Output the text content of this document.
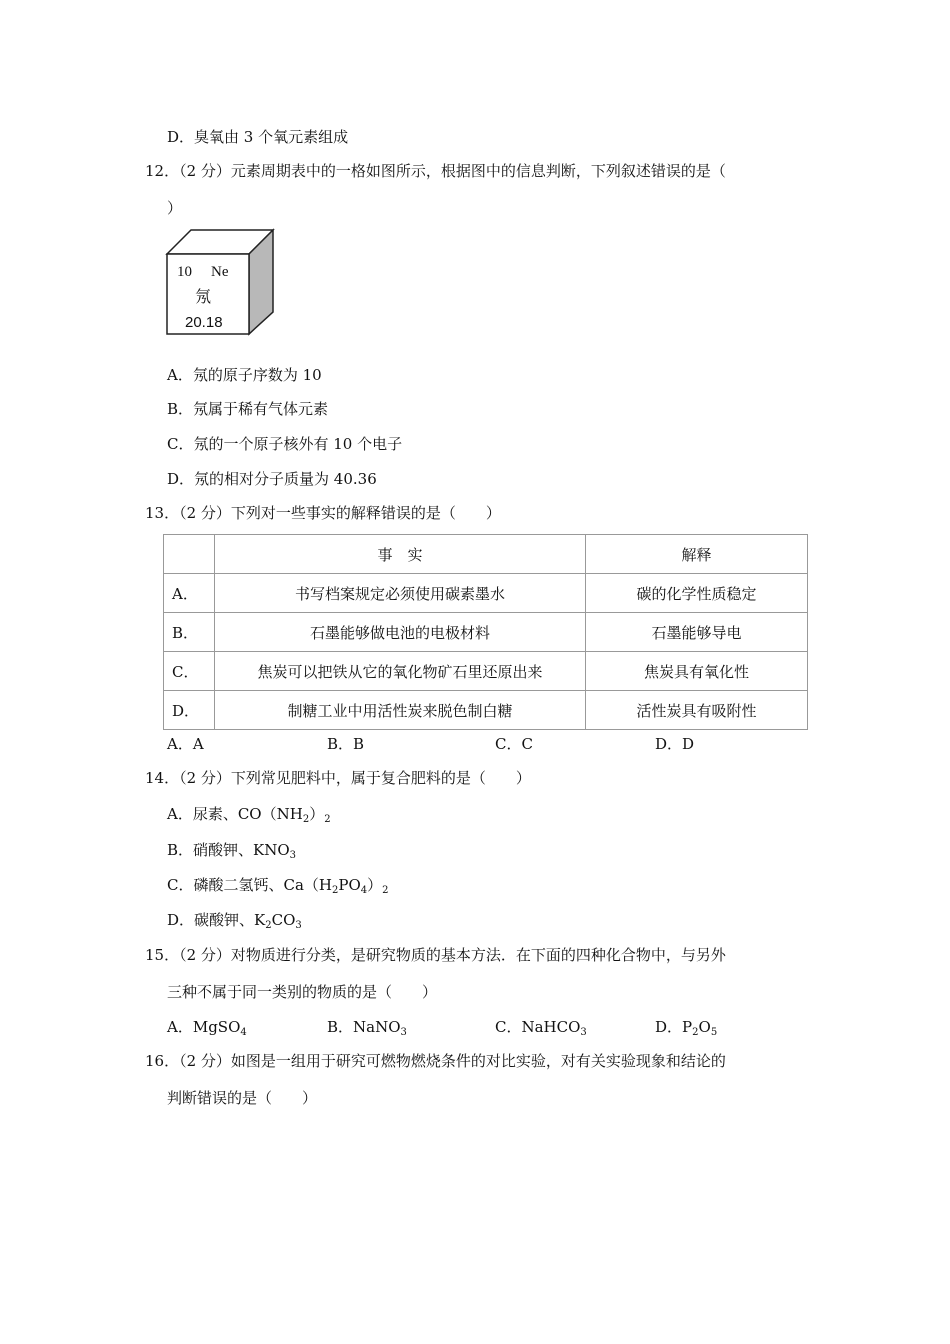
D．臭氧由 3 个氧元素组成
12．（2 分）元素周期表中的一格如图所示，根据图中的信息判断，下列叙述错误的是（
）
10 Ne
氖
20.18
A．氖的原子序数为 10
B．氖属于稀有气体元素
C．氖的一个原子核外有 10 个电子
D．氖的相对分子质量为 40.36
13．（2 分）下列对一些事实的解释错误的是（　　）
	事　实	解释
A．	书写档案规定必须使用碳素墨水	碳的化学性质稳定
B．	石墨能够做电池的电极材料	石墨能够导电
C．	焦炭可以把铁从它的氧化物矿石里还原出来	焦炭具有氧化性
D．	制糖工业中用活性炭来脱色制白糖	活性炭具有吸附性
A．A	B．B	C．C	D．D
14．（2 分）下列常见肥料中，属于复合肥料的是（　　）
A．尿素、$CO(NH_2)_2$
B．硝酸钾、$KNO_3$
C．磷酸二氢钙、$Ca(H_2PO_4)_2$
D．碳酸钾、$K_2CO_3$
15．（2 分）对物质进行分类，是研究物质的基本方法．在下面的四种化合物中，与另外
三种不属于同一类别的物质的是（　　）
A．MgSO$_4$	B．NaNO$_3$	C．NaHCO$_3$	D．$P_2O_5$
16．（2 分）如图是一组用于研究可燃物燃烧条件的对比实验，对有关实验现象和结论的
判断错误的是（　　）
